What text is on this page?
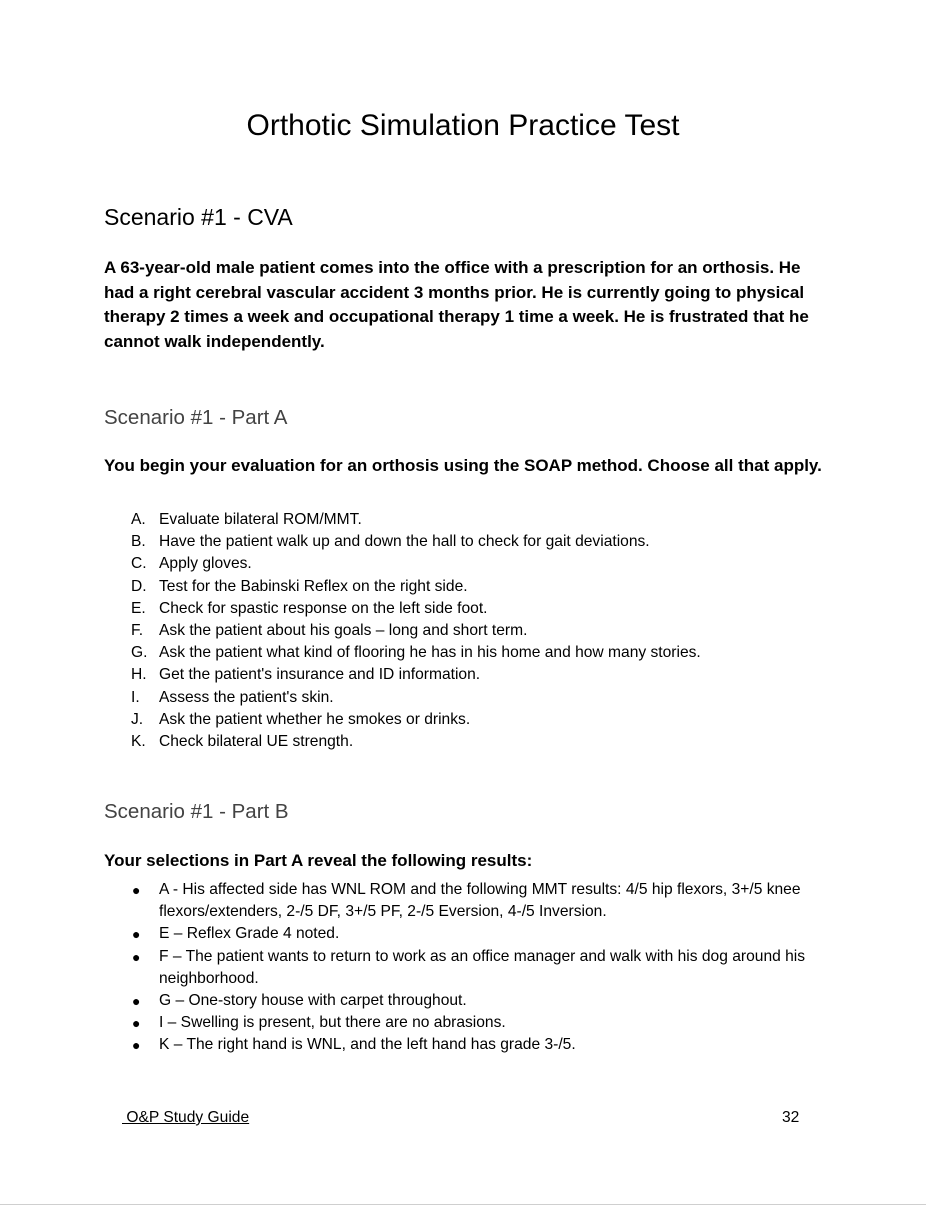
Orthotic Simulation Practice Test
Scenario #1 - CVA

A 63-year-old male patient comes into the office with a prescription for an orthosis. He had a right cerebral vascular accident 3 months prior. He is currently going to physical therapy 2 times a week and occupational therapy 1 time a week. He is frustrated that he cannot walk independently.

Scenario #1 - Part A

You begin your evaluation for an orthosis using the SOAP method. Choose all that apply.

A. Evaluate bilateral ROM/MMT.
B. Have the patient walk up and down the hall to check for gait deviations.
C. Apply gloves.
D. Test for the Babinski Reflex on the right side.
E. Check for spastic response on the left side foot.
F.	Ask the patient about his goals – long and short term.
G. Ask the patient what kind of flooring he has in his home and how many stories.
H. Get the patient's insurance and ID information.
I.	Assess the patient's skin.
J.	Ask the patient whether he smokes or drinks.
K. Check bilateral UE strength.
Scenario #1 - Part B

Your selections in Part A reveal the following results:

●	A - His affected side has WNL ROM and the following MMT results: 4/5 hip flexors, 3+/5 knee flexors/extenders, 2-/5 DF, 3+/5 PF, 2-/5 Eversion, 4-/5 Inversion.
●	E – Reflex Grade 4 noted.
●	F – The patient wants to return to work as an office manager and walk with his dog around his neighborhood.
●	G – One-story house with carpet throughout.
●	I – Swelling is present, but there are no abrasions.
●	K – The right hand is WNL, and the left hand has grade 3-/5.
O&P Study Guide	32
